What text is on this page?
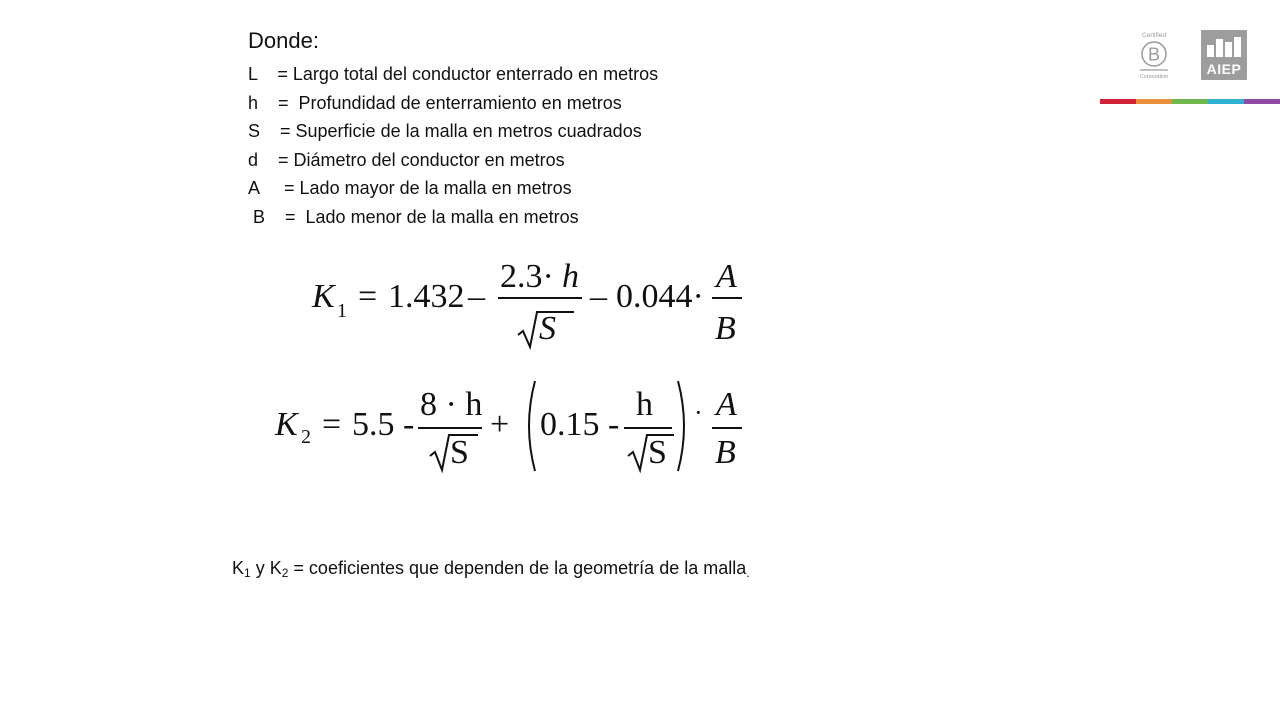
Donde:
L    = Largo total del conductor enterrado en metros
h    =  Profundidad de enterramiento en metros
S    = Superficie de la malla en metros cuadrados
d    = Diámetro del conductor en metros
A     = Lado mayor de la malla en metros
B    =  Lado menor de la malla en metros
K 1 = 1.432 –
2.3· h
S
– 0.044·
A
B
K 2 = 5.5 -
8 · h
S
+ 0.15 -
h
S
· A
B
$K_1$ y $K_2$ = coeficientes que dependen de la geometría de la malla$_.$
Certified
B
Corporation	AIEP
